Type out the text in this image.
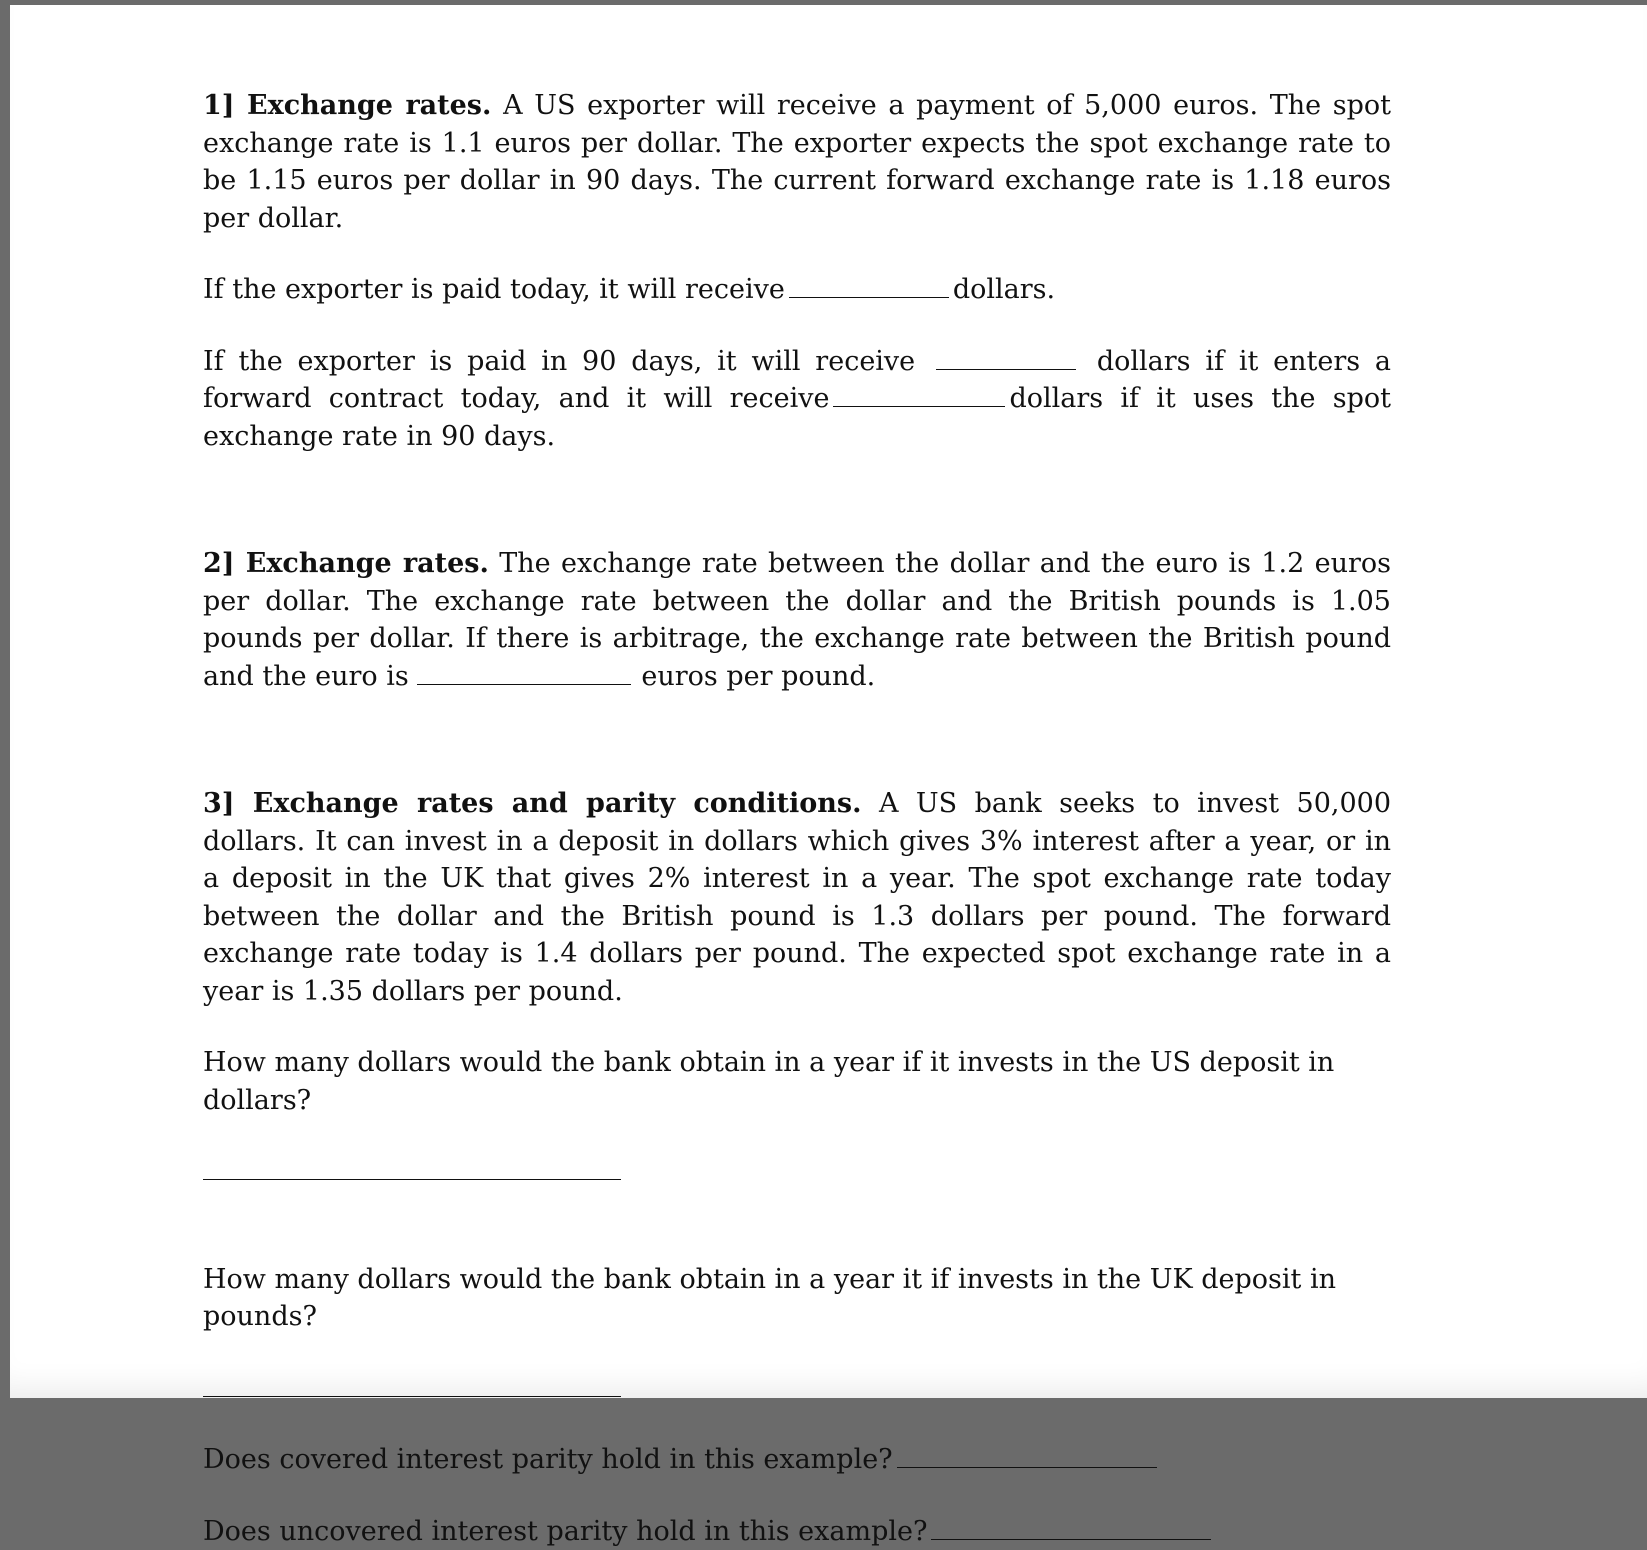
1] Exchange rates. A US exporter will receive a payment of 5,000 euros. The spot exchange rate is 1.1 euros per dollar. The exporter expects the spot exchange rate to be 1.15 euros per dollar in 90 days. The current forward exchange rate is 1.18 euros per dollar.

If the exporter is paid today, it will receive	dollars.

If the exporter is paid in 90 days, it will receive	dollars if it enters a forward contract today, and it will receive	dollars if it uses the spot exchange rate in 90 days.

2] Exchange rates. The exchange rate between the dollar and the euro is 1.2 euros per dollar. The exchange rate between the dollar and the British pounds is 1.05 pounds per dollar. If there is arbitrage, the exchange rate between the British pound and the euro is	euros per pound.

3] Exchange rates and parity conditions. A US bank seeks to invest 50,000 dollars. It can invest in a deposit in dollars which gives 3% interest after a year, or in a deposit in the UK that gives 2% interest in a year. The spot exchange rate today between the dollar and the British pound is 1.3 dollars per pound. The forward exchange rate today is 1.4 dollars per pound. The expected spot exchange rate in a year is 1.35 dollars per pound.

How many dollars would the bank obtain in a year if it invests in the US deposit in dollars?

How many dollars would the bank obtain in a year it if invests in the UK deposit in pounds?

Does covered interest parity hold in this example?

Does uncovered interest parity hold in this example?
